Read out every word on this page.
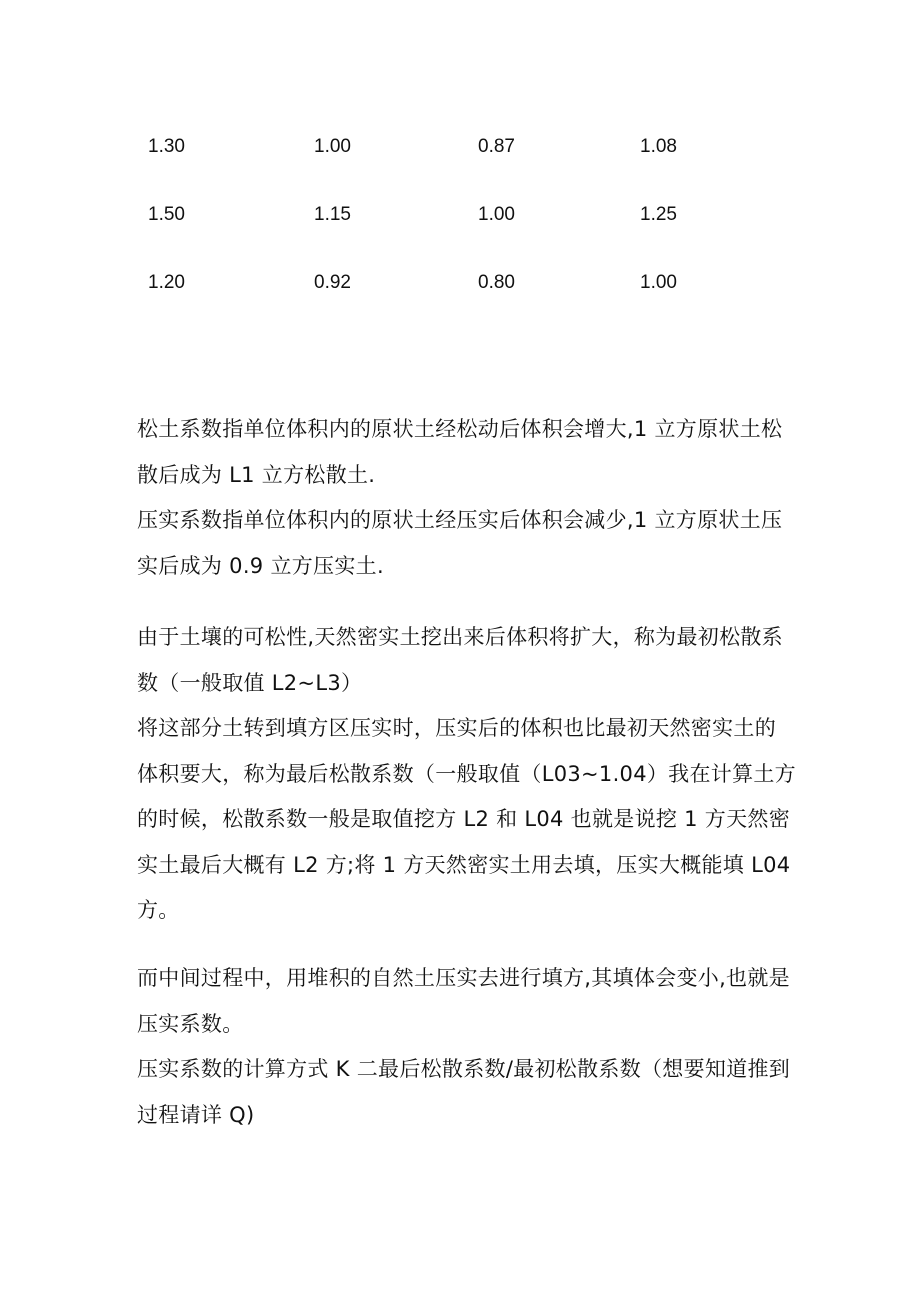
1.30	1.00	0.87	1.08
1.50	1.15	1.00	1.25
1.20	0.92	0.80	1.00

松土系数指单位体积内的原状土经松动后体积会增大,1 立方原状土松散后成为 L1 立方松散土.

压实系数指单位体积内的原状土经压实后体积会减少,1 立方原状土压实后成为 0.9 立方压实土.

由于土壤的可松性,天然密实土挖出来后体积将扩大，称为最初松散系数（一般取值 L2~L3）

将这部分土转到填方区压实时，压实后的体积也比最初天然密实土的体积要大，称为最后松散系数（一般取值（L03~1.04）我在计算土方的时候，松散系数一般是取值挖方 L2 和 L04 也就是说挖 1 方天然密实土最后大概有 L2 方;将 1 方天然密实土用去填，压实大概能填 L04 方。

而中间过程中，用堆积的自然土压实去进行填方,其填体会变小,也就是压实系数。

压实系数的计算方式 K 二最后松散系数/最初松散系数（想要知道推到过程请详 Q)
